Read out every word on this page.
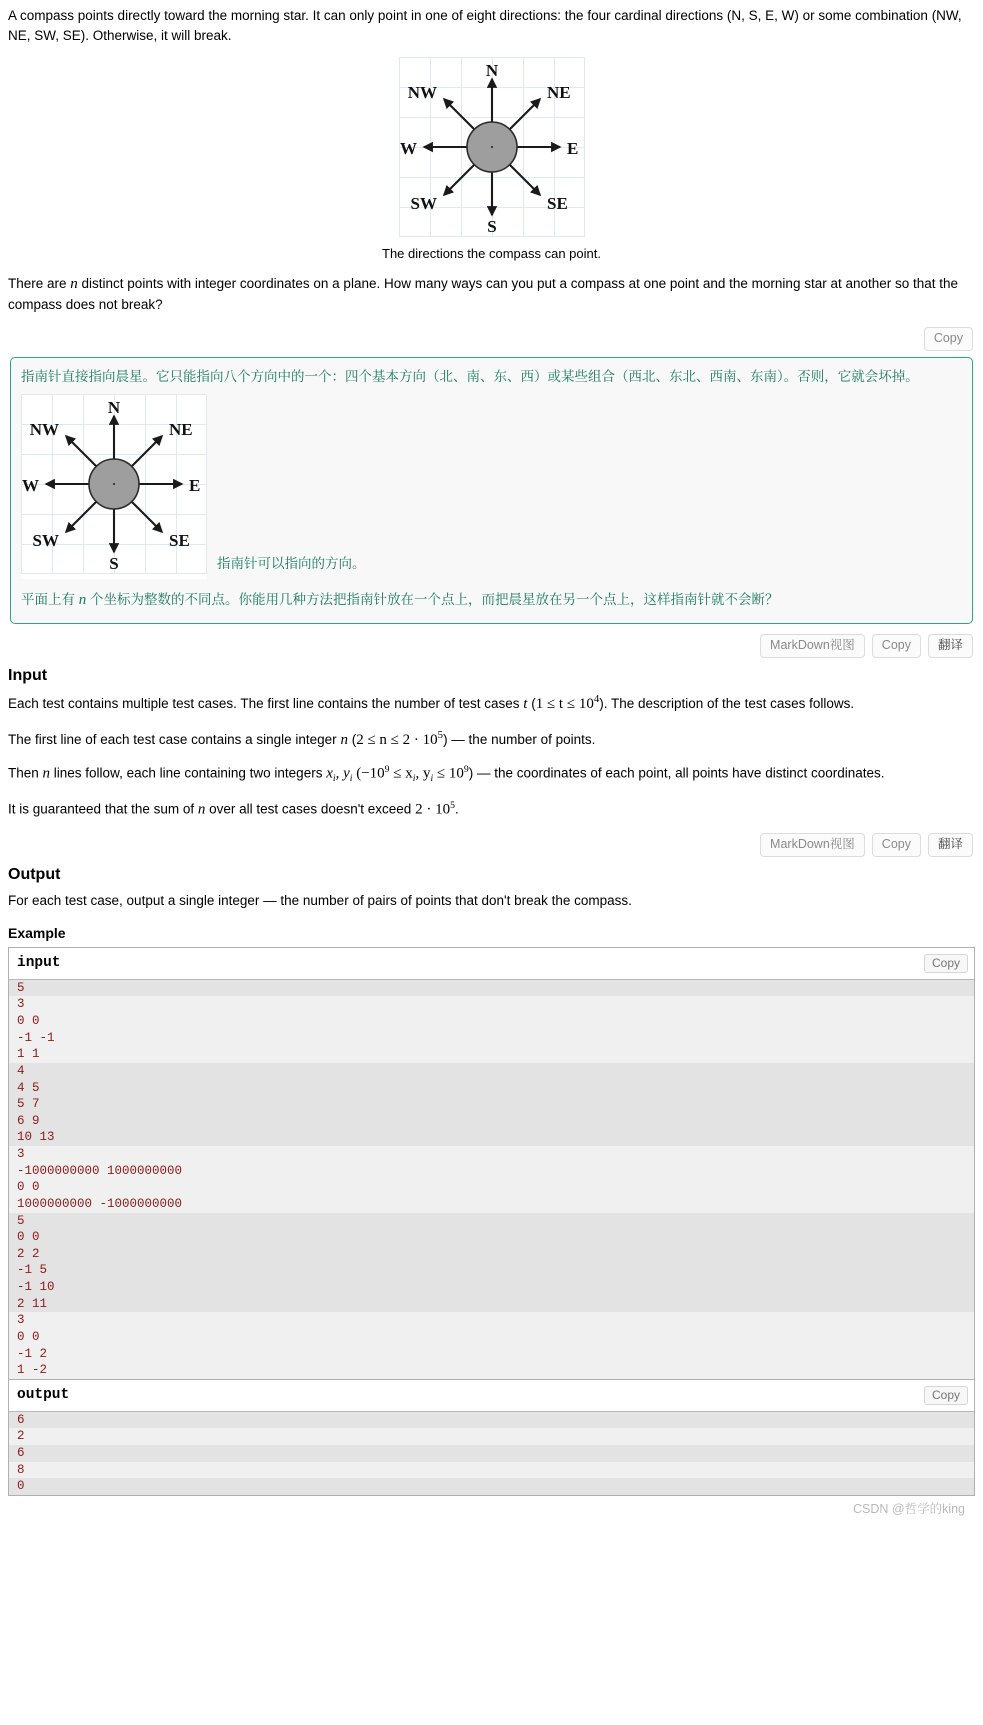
A compass points directly toward the morning star. It can only point in one of eight directions: the four cardinal directions (N, S, E, W) or some combination (NW, NE, SW, SE). Otherwise, it will break.

N
NE
E
SE
S
SW
W
NW
The directions the compass can point.

There are n distinct points with integer coordinates on a plane. How many ways can you put a compass at one point and the morning star at another so that the compass does not break?

Copy

指南针直接指向晨星。它只能指向八个方向中的一个：四个基本方向（北、南、东、西）或某些组合（西北、东北、西南、东南）。否则，它就会坏掉。

N
NE
E
SE
S
SW
W
NW
指南针可以指向的方向。

平面上有 n 个坐标为整数的不同点。你能用几种方法把指南针放在一个点上，而把晨星放在另一个点上，这样指南针就不会断？

MarkDown视图	Copy	翻译
Input

Each test contains multiple test cases. The first line contains the number of test cases t $(1 \le t \le 10^4)$. The description of the test cases follows.

The first line of each test case contains a single integer n $(2 \le n \le 2 \cdot 10^5)$ — the number of points.

Then n lines follow, each line containing two integers $x_i$, $y_i$ ($-10^9 \le x_i$, $y_i \le 10^9$) — the coordinates of each point, all points have distinct coordinates.

It is guaranteed that the sum of n over all test cases doesn't exceed $2 \cdot 10^5$.

MarkDown视图	Copy	翻译
Output

For each test case, output a single integer — the number of pairs of points that don't break the compass.

Example
input	Copy
5
3
0 0
-1 -1
1 1
4
4 5
5 7
6 9
10 13
3
-1000000000 1000000000
0 0
1000000000 -1000000000
5
0 0
2 2
-1 5
-1 10
2 11
3
0 0
-1 2
1 -2
output	Copy
6
2
6
8
0
CSDN @哲学的king
